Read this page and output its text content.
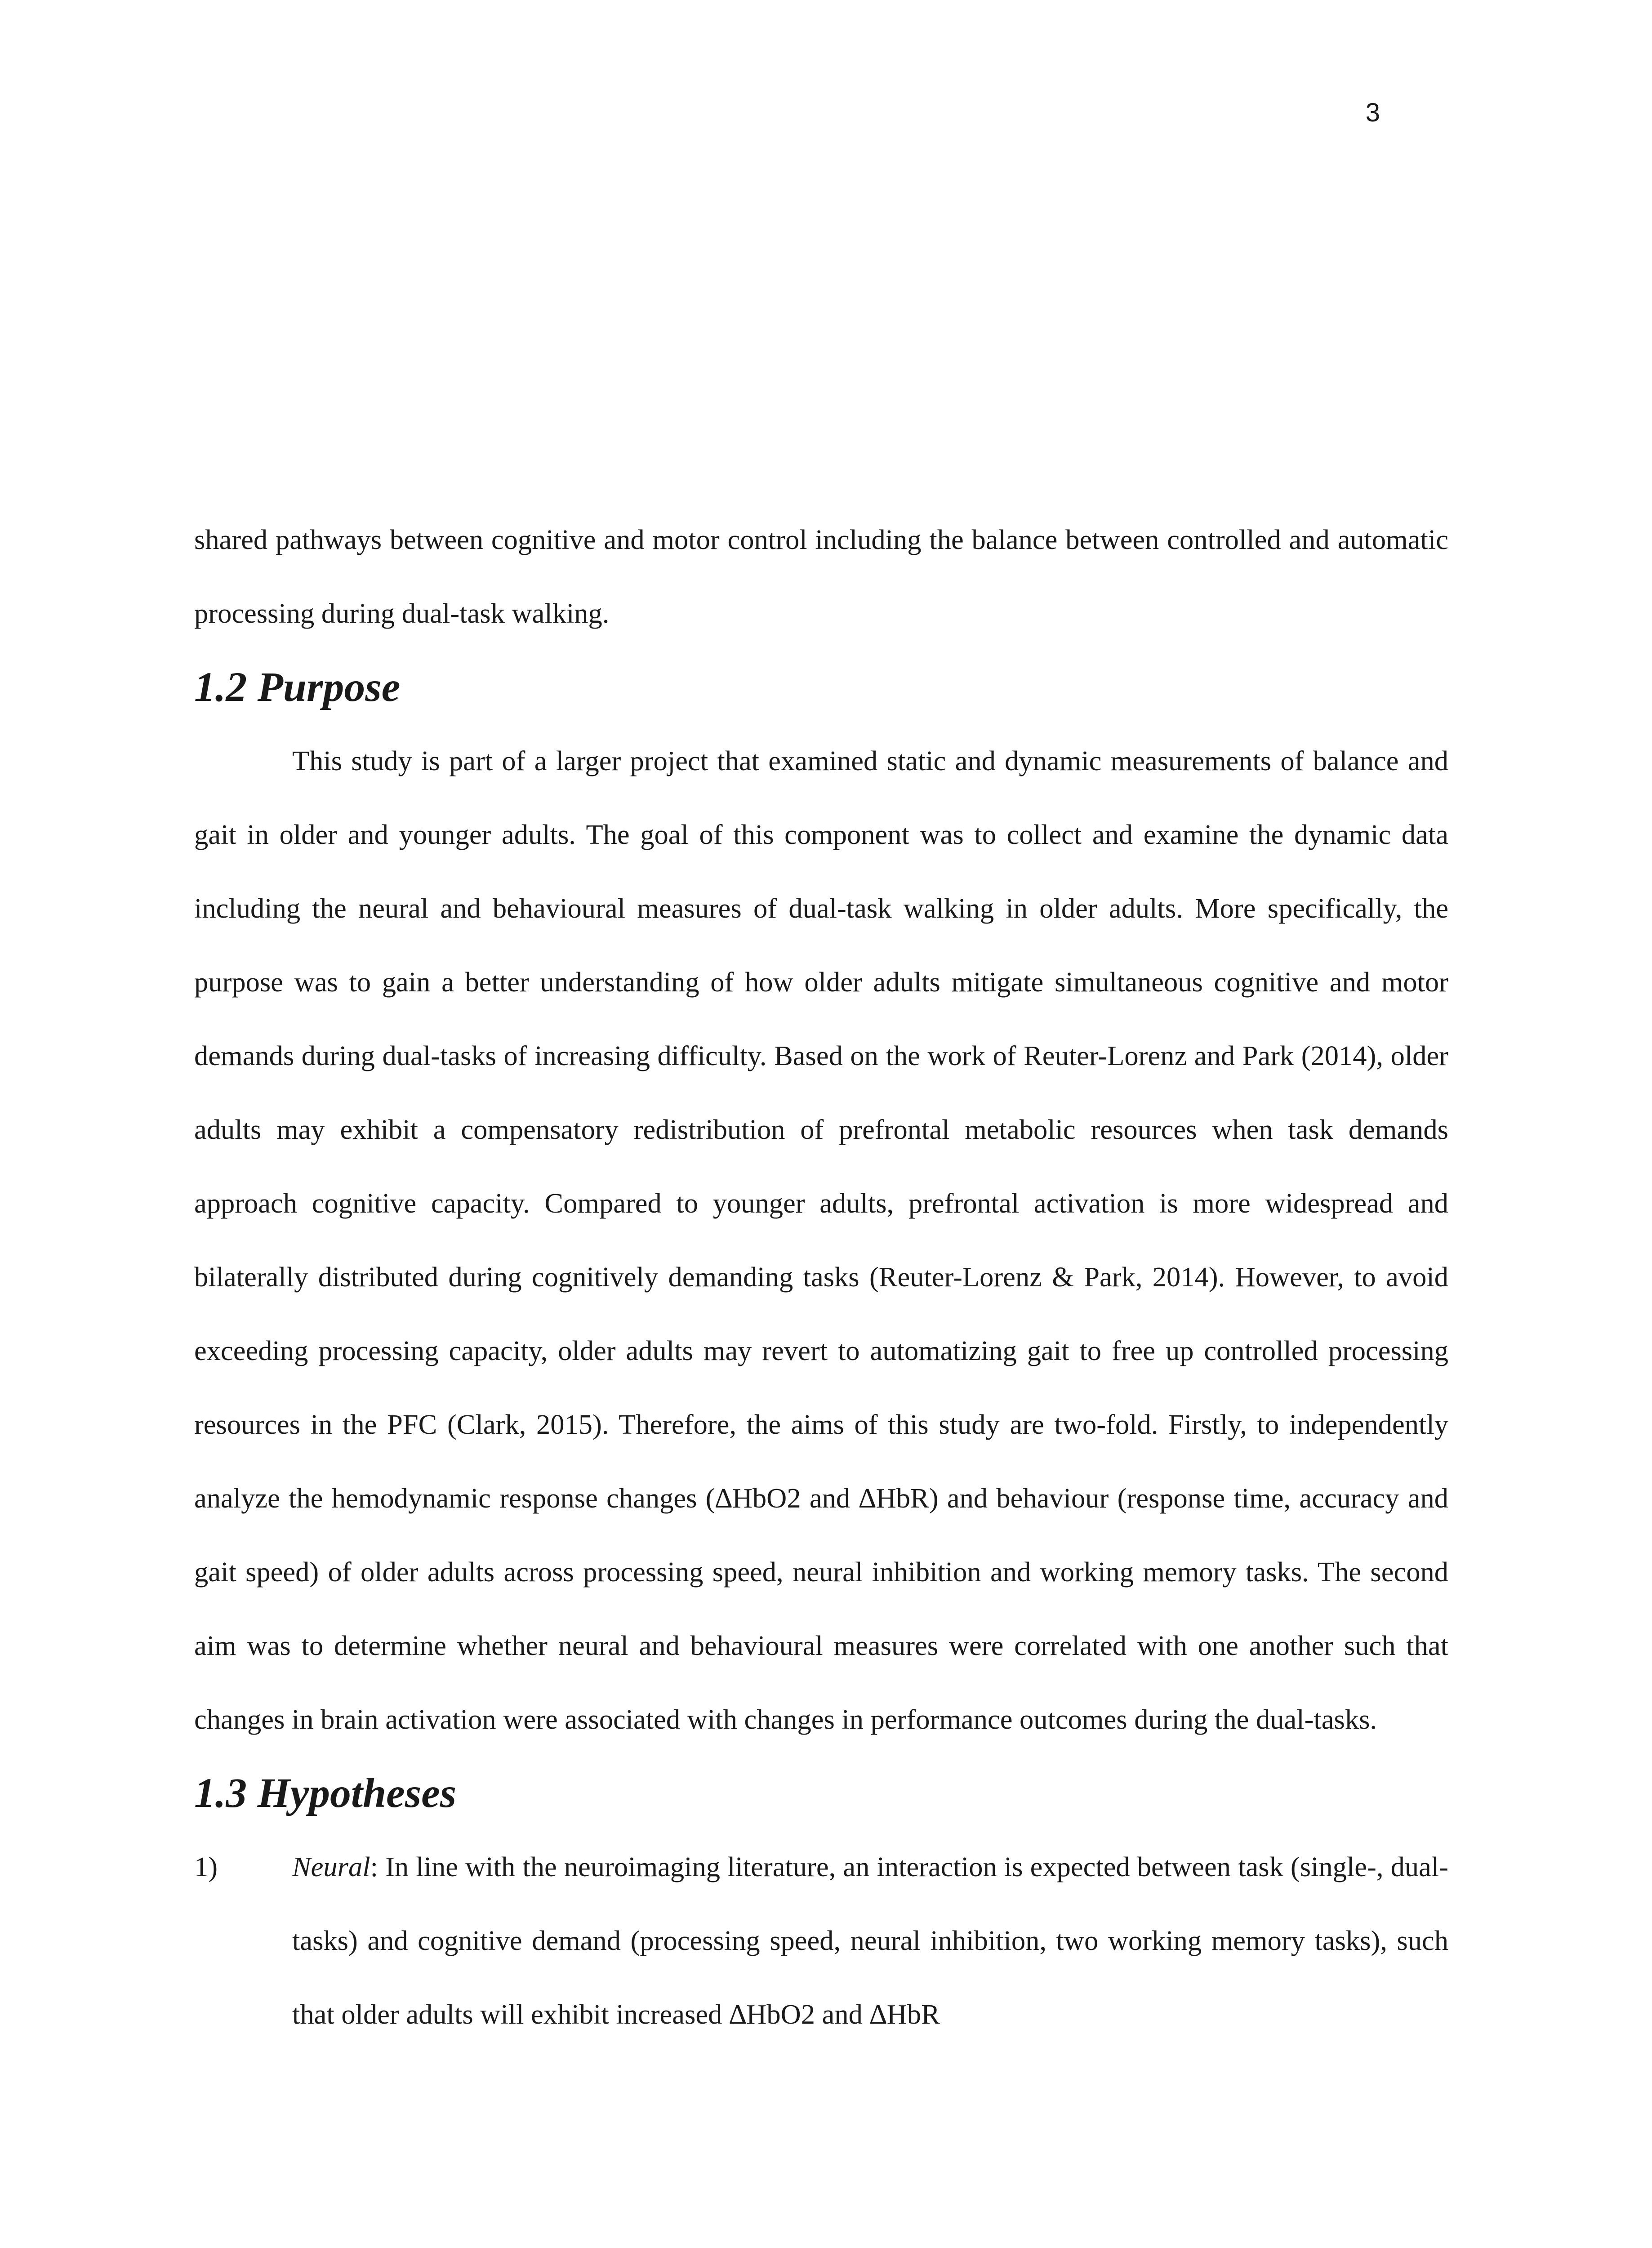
3

shared pathways between cognitive and motor control including the balance between controlled and automatic processing during dual-task walking.

1.2 Purpose

This study is part of a larger project that examined static and dynamic measurements of balance and gait in older and younger adults. The goal of this component was to collect and examine the dynamic data including the neural and behavioural measures of dual-task walking in older adults. More specifically, the purpose was to gain a better understanding of how older adults mitigate simultaneous cognitive and motor demands during dual-tasks of increasing difficulty. Based on the work of Reuter-Lorenz and Park (2014), older adults may exhibit a compensatory redistribution of prefrontal metabolic resources when task demands approach cognitive capacity. Compared to younger adults, prefrontal activation is more widespread and bilaterally distributed during cognitively demanding tasks (Reuter-Lorenz & Park, 2014). However, to avoid exceeding processing capacity, older adults may revert to automatizing gait to free up controlled processing resources in the PFC (Clark, 2015). Therefore, the aims of this study are two-fold. Firstly, to independently analyze the hemodynamic response changes (∆HbO2 and ∆HbR) and behaviour (response time, accuracy and gait speed) of older adults across processing speed, neural inhibition and working memory tasks. The second aim was to determine whether neural and behavioural measures were correlated with one another such that changes in brain activation were associated with changes in performance outcomes during the dual-tasks.

1.3 Hypotheses
1)	Neural: In line with the neuroimaging literature, an interaction is expected between task (single-, dual-tasks) and cognitive demand (processing speed, neural inhibition, two working memory tasks), such that older adults will exhibit increased ∆HbO2 and ∆HbR
